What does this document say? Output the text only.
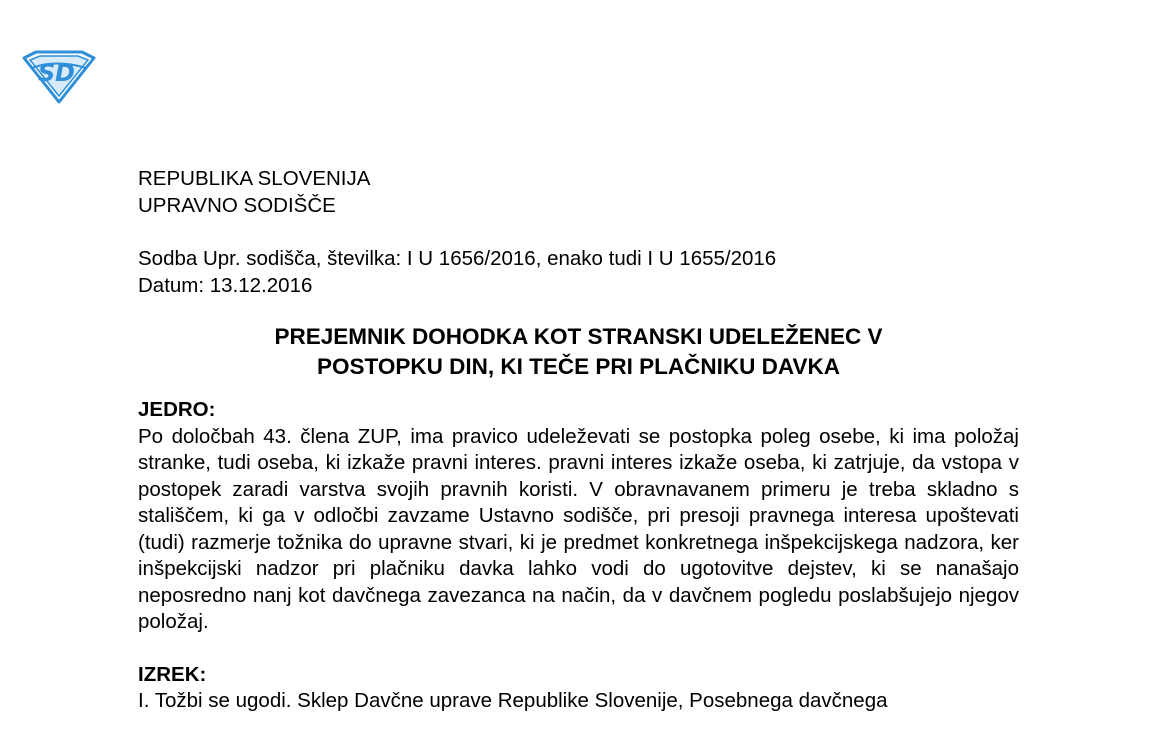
S D
REPUBLIKA SLOVENIJA
UPRAVNO SODIŠČE
Sodba Upr. sodišča, številka: I U 1656/2016, enako tudi I U 1655/2016
Datum: 13.12.2016
PREJEMNIK DOHODKA KOT STRANSKI UDELEŽENEC V
POSTOPKU DIN, KI TEČE PRI PLAČNIKU DAVKA
JEDRO:
Po določbah 43. člena ZUP, ima pravico udeleževati se postopka poleg osebe, ki ima položaj stranke, tudi oseba, ki izkaže pravni interes. pravni interes izkaže oseba, ki zatrjuje, da vstopa v postopek zaradi varstva svojih pravnih koristi. V obravnavanem primeru je treba skladno s stališčem, ki ga v odločbi zavzame Ustavno sodišče, pri presoji pravnega interesa upoštevati (tudi) razmerje tožnika do upravne stvari, ki je predmet konkretnega inšpekcijskega nadzora, ker inšpekcijski nadzor pri plačniku davka lahko vodi do ugotovitve dejstev, ki se nanašajo neposredno nanj kot davčnega zavezanca na način, da v davčnem pogledu poslabšujejo njegov položaj.
IZREK:
I. Tožbi se ugodi. Sklep Davčne uprave Republike Slovenije, Posebnega davčnega
